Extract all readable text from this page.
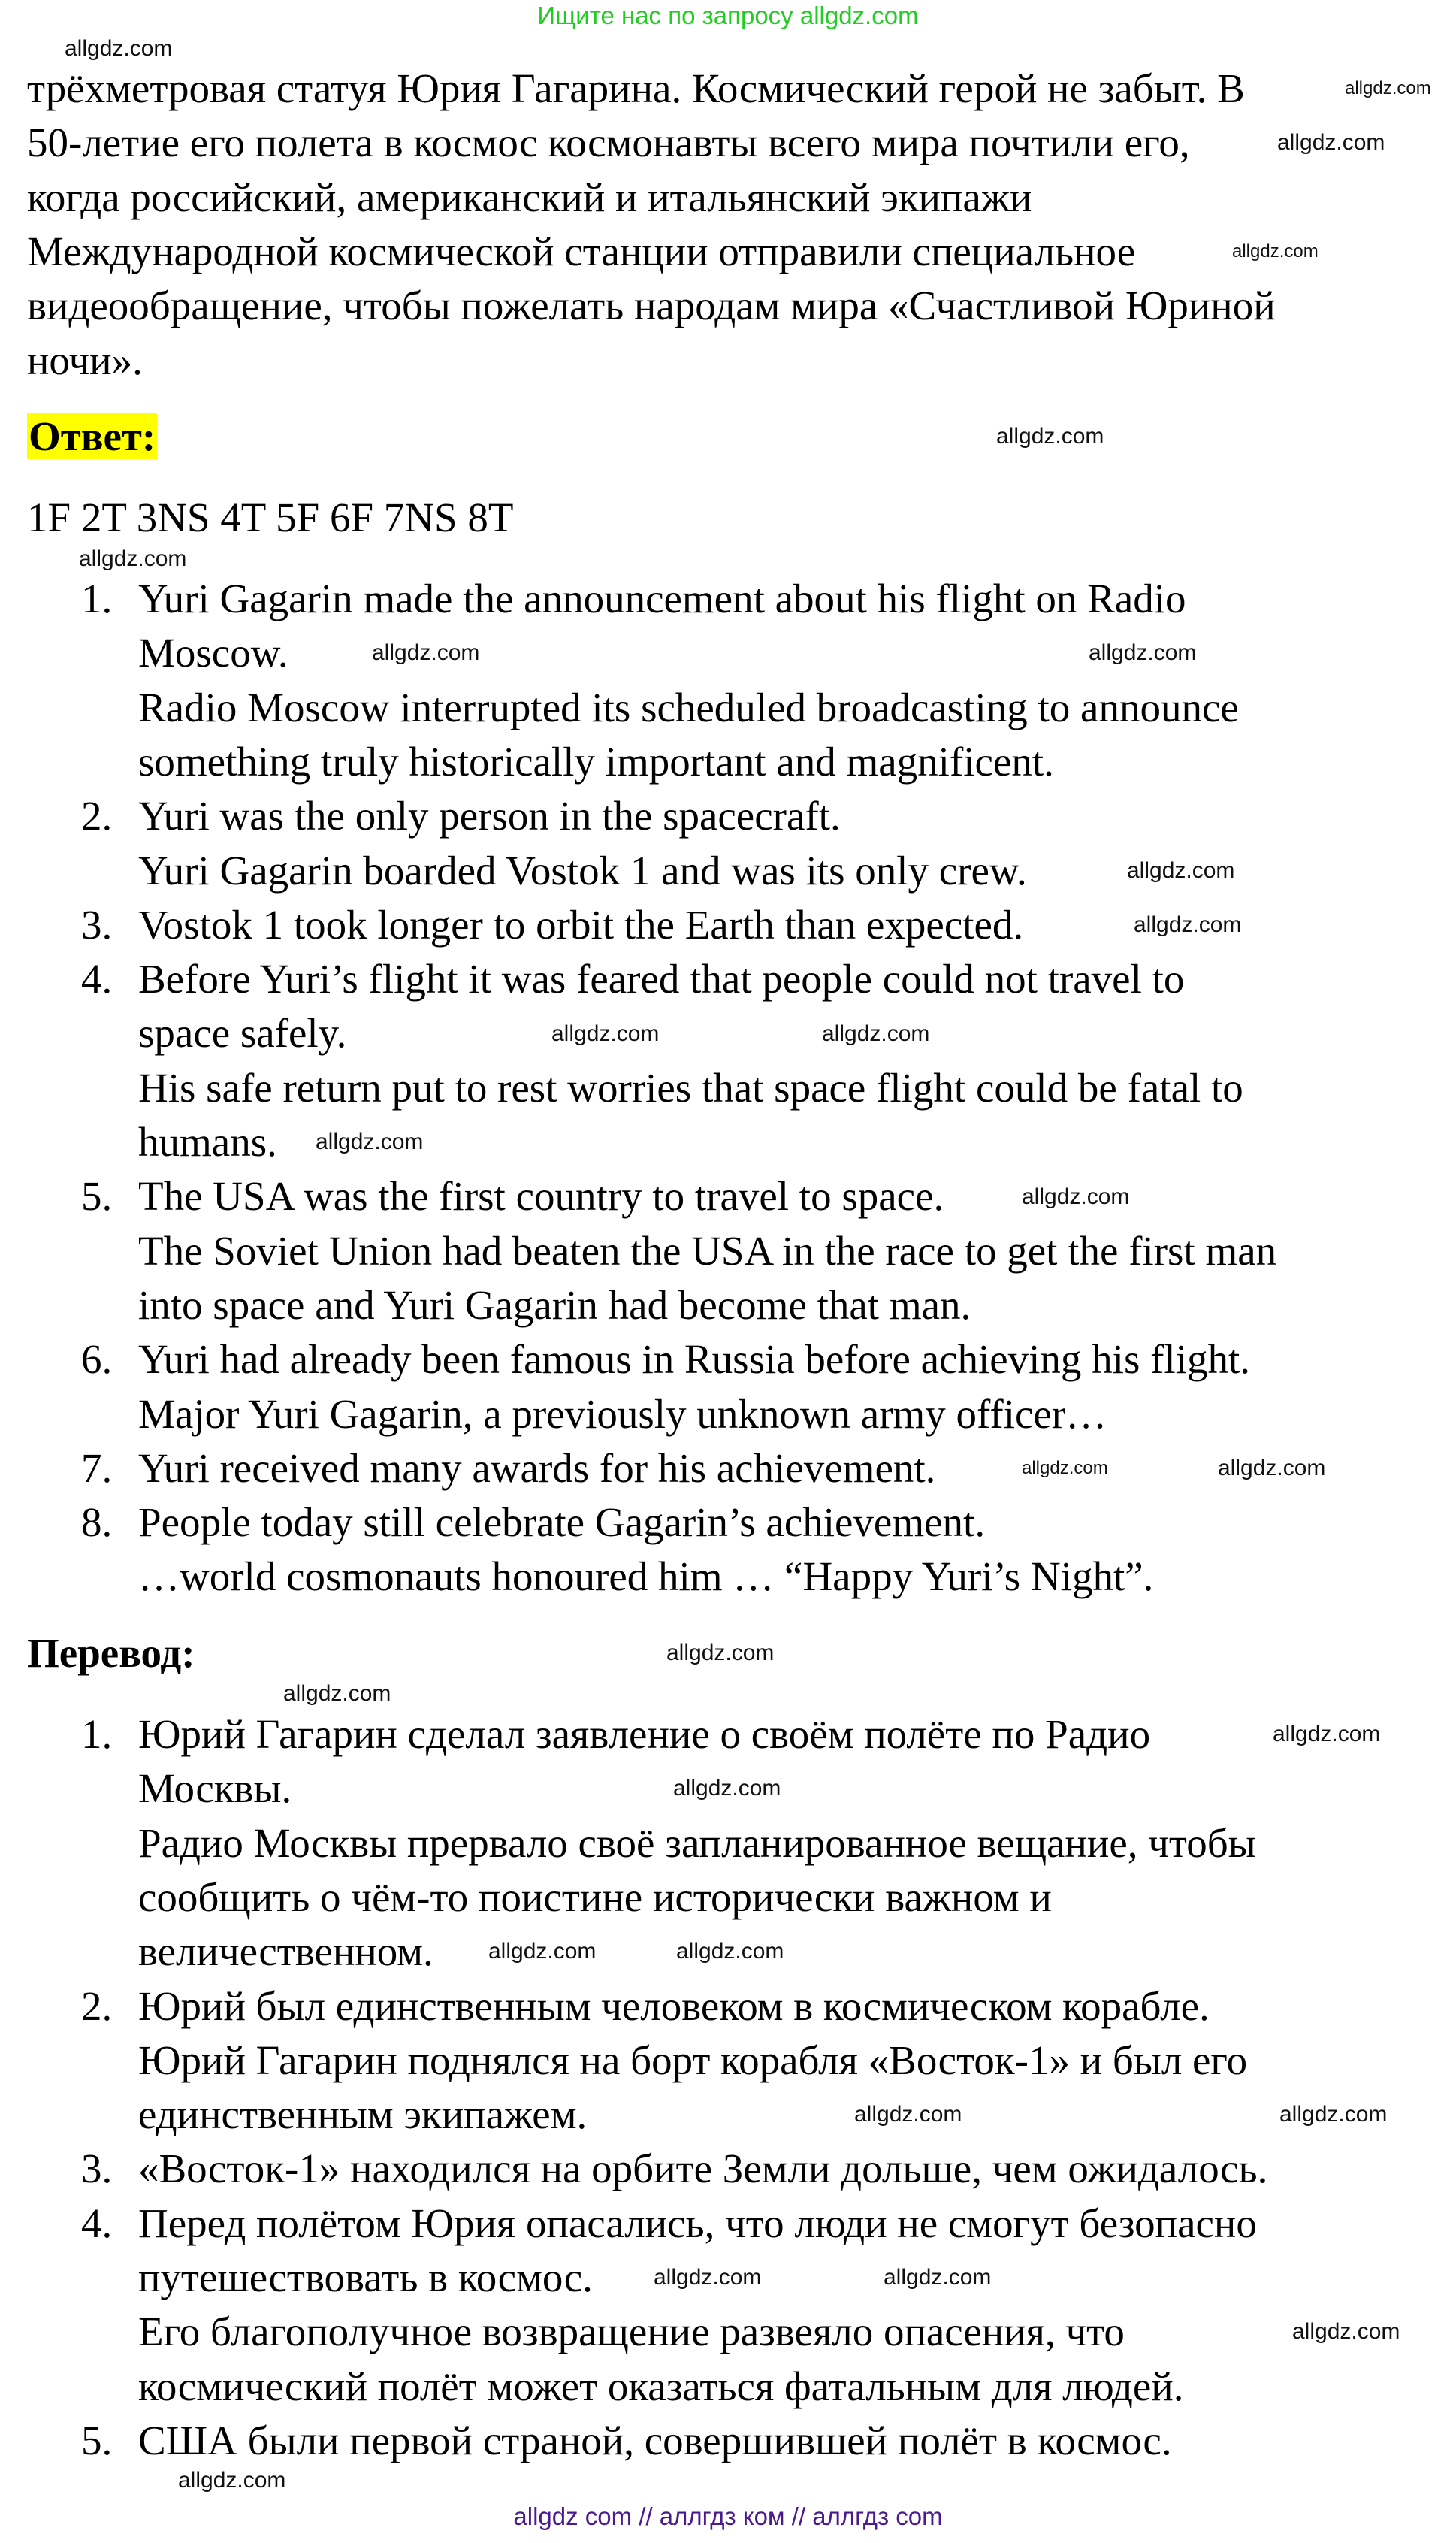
Ищите нас по запросу allgdz.com
трёхметровая статуя Юрия Гагарина. Космический герой не забыт. В
50-летие его полета в космос космонавты всего мира почтили его,
когда российский, американский и итальянский экипажи
Международной космической станции отправили специальное
видеообращение, чтобы пожелать народам мира «Счастливой Юриной
ночи».
Ответ:
1F 2T 3NS 4T 5F 6F 7NS 8T
1. Yuri Gagarin made the announcement about his flight on Radio
Moscow.
Radio Moscow interrupted its scheduled broadcasting to announce
something truly historically important and magnificent.
2. Yuri was the only person in the spacecraft.
Yuri Gagarin boarded Vostok 1 and was its only crew.
3. Vostok 1 took longer to orbit the Earth than expected.
4. Before Yuri’s flight it was feared that people could not travel to
space safely.
His safe return put to rest worries that space flight could be fatal to
humans.
5. The USA was the first country to travel to space.
The Soviet Union had beaten the USA in the race to get the first man
into space and Yuri Gagarin had become that man.
6. Yuri had already been famous in Russia before achieving his flight.
Major Yuri Gagarin, a previously unknown army officer…
7. Yuri received many awards for his achievement.
8. People today still celebrate Gagarin’s achievement.
…world cosmonauts honoured him … “Happy Yuri’s Night”.
Перевод:
1. Юрий Гагарин сделал заявление о своём полёте по Радио
Москвы.
Радио Москвы прервало своё запланированное вещание, чтобы
сообщить о чём-то поистине исторически важном и
величественном.
2. Юрий был единственным человеком в космическом корабле.
Юрий Гагарин поднялся на борт корабля «Восток-1» и был его
единственным экипажем.
3. «Восток-1» находился на орбите Земли дольше, чем ожидалось.
4. Перед полётом Юрия опасались, что люди не смогут безопасно
путешествовать в космос.
Его благополучное возвращение развеяло опасения, что
космический полёт может оказаться фатальным для людей.
5. США были первой страной, совершившей полёт в космос.
allgdz.com
allgdz.com
allgdz.com
allgdz.com
allgdz.com
allgdz.com
allgdz.com	allgdz.com
allgdz.com
allgdz.com
allgdz.com
allgdz.com
allgdz.com
allgdz.com
allgdz.com	allgdz.com
allgdz.com
allgdz.com
allgdz.com
allgdz.com
allgdz.com	allgdz.com
allgdz.com	allgdz.com
allgdz.com	allgdz.com
allgdz.com
allgdz.com
allgdz com // аллгдз ком // аллгдз com
